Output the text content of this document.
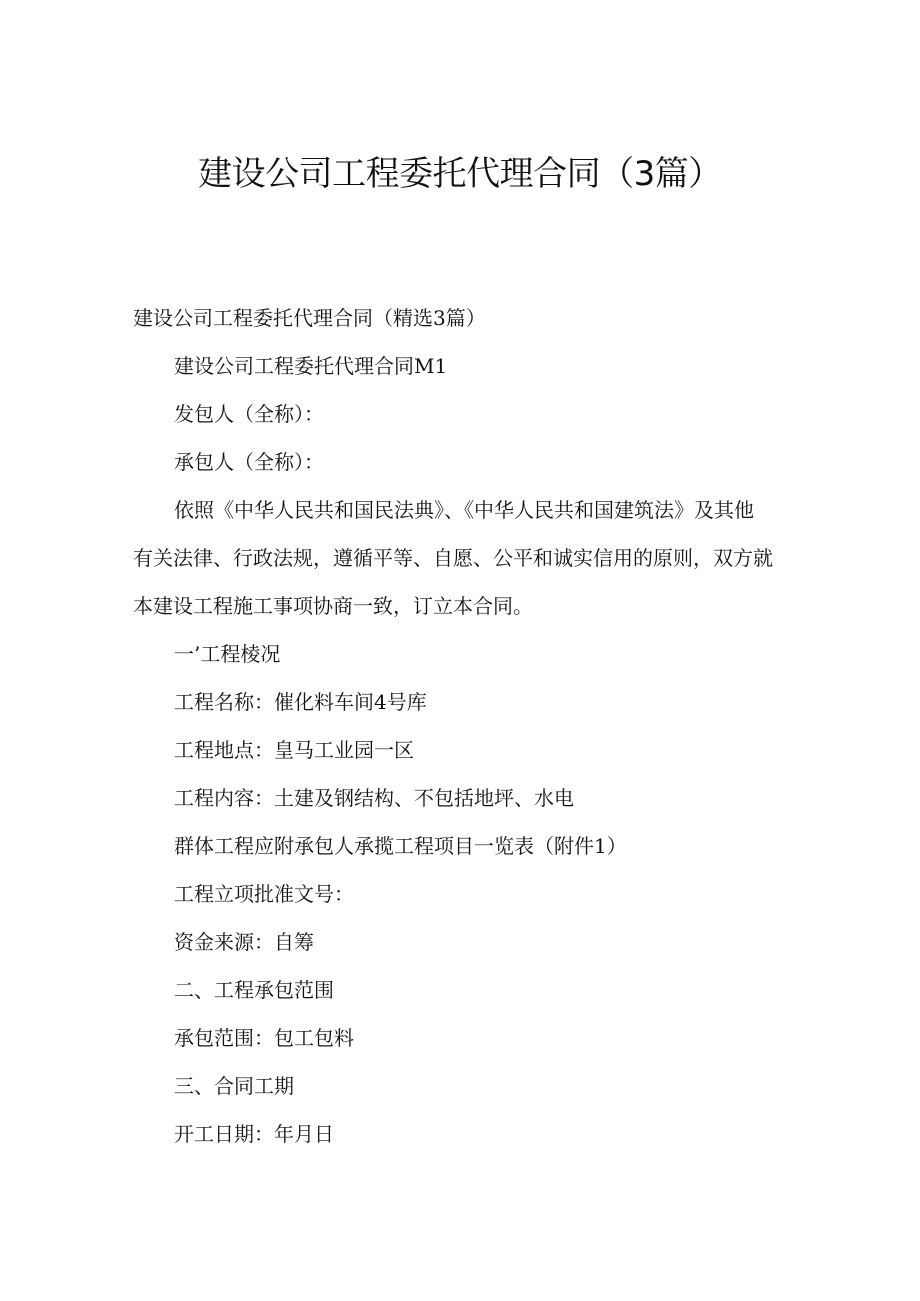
建设公司工程委托代理合同（3篇）
建设公司工程委托代理合同（精选3篇）
建设公司工程委托代理合同M1
发包人（全称）：
承包人（全称）：
依照《中华人民共和国民法典》、《中华人民共和国建筑法》及其他
有关法律、行政法规，遵循平等、自愿、公平和诚实信用的原则，双方就
本建设工程施工事项协商一致，订立本合同。
一’工程棱况
工程名称：催化料车间4号库
工程地点：皇马工业园一区
工程内容：土建及钢结构、不包括地坪、水电
群体工程应附承包人承揽工程项目一览表（附件1）
工程立项批准文号：
资金来源：自筹
二、工程承包范围
承包范围：包工包料
三、合同工期
开工日期：年月日
